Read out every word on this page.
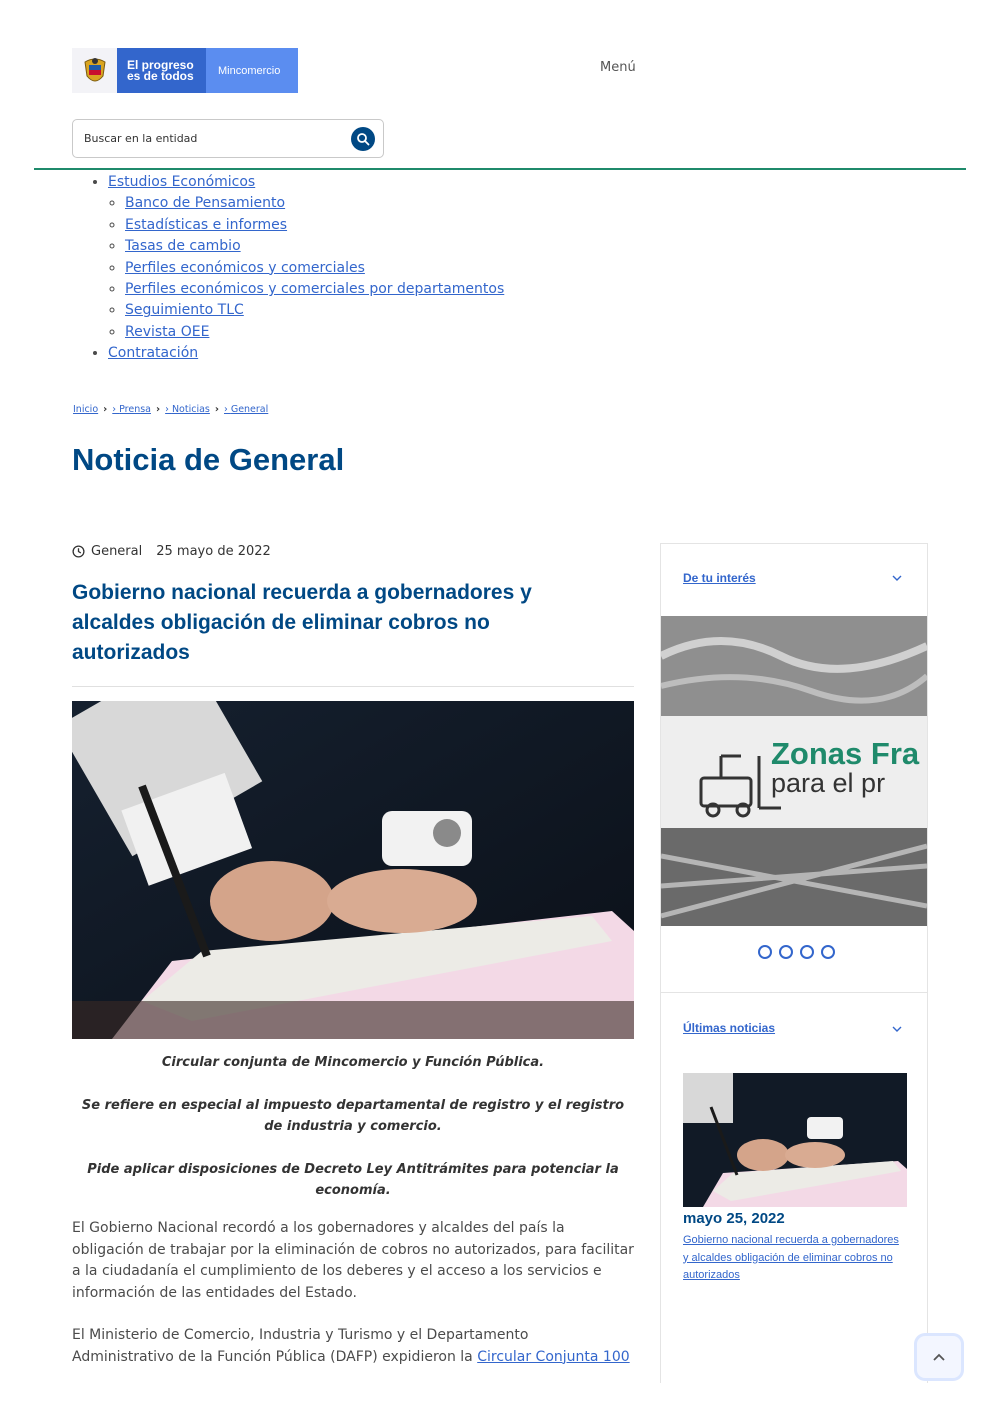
El progreso
es de todos	Mincomercio	Menú
Buscar en la entidad
• Estudios Económicos
◦ Banco de Pensamiento
◦ Estadísticas e informes
◦ Tasas de cambio
◦ Perfiles económicos y comerciales
◦ Perfiles económicos y comerciales por departamentos
◦ Seguimiento TLC
◦ Revista OEE
• Contratación
Inicio › › Prensa › › Noticias › › General
Noticia de General
General 25 mayo de 2022
Gobierno nacional recuerda a gobernadores y alcaldes obligación de eliminar cobros no autorizados
Circular conjunta de Mincomercio y Función Pública.
Se refiere en especial al impuesto departamental de registro y el registro de industria y comercio.
Pide aplicar disposiciones de Decreto Ley Antitrámites para potenciar la economía.

El Gobierno Nacional recordó a los gobernadores y alcaldes del país la obligación de trabajar por la eliminación de cobros no autorizados, para facilitar a la ciudadanía el cumplimiento de los deberes y el acceso a los servicios e información de las entidades del Estado.

El Ministerio de Comercio, Industria y Turismo y el Departamento Administrativo de la Función Pública (DAFP) expidieron la Circular Conjunta 100

De tu interés
Zonas Fra
para el pr
Últimas noticias
mayo 25, 2022
Gobierno nacional recuerda a gobernadores y alcaldes obligación de eliminar cobros no autorizados
